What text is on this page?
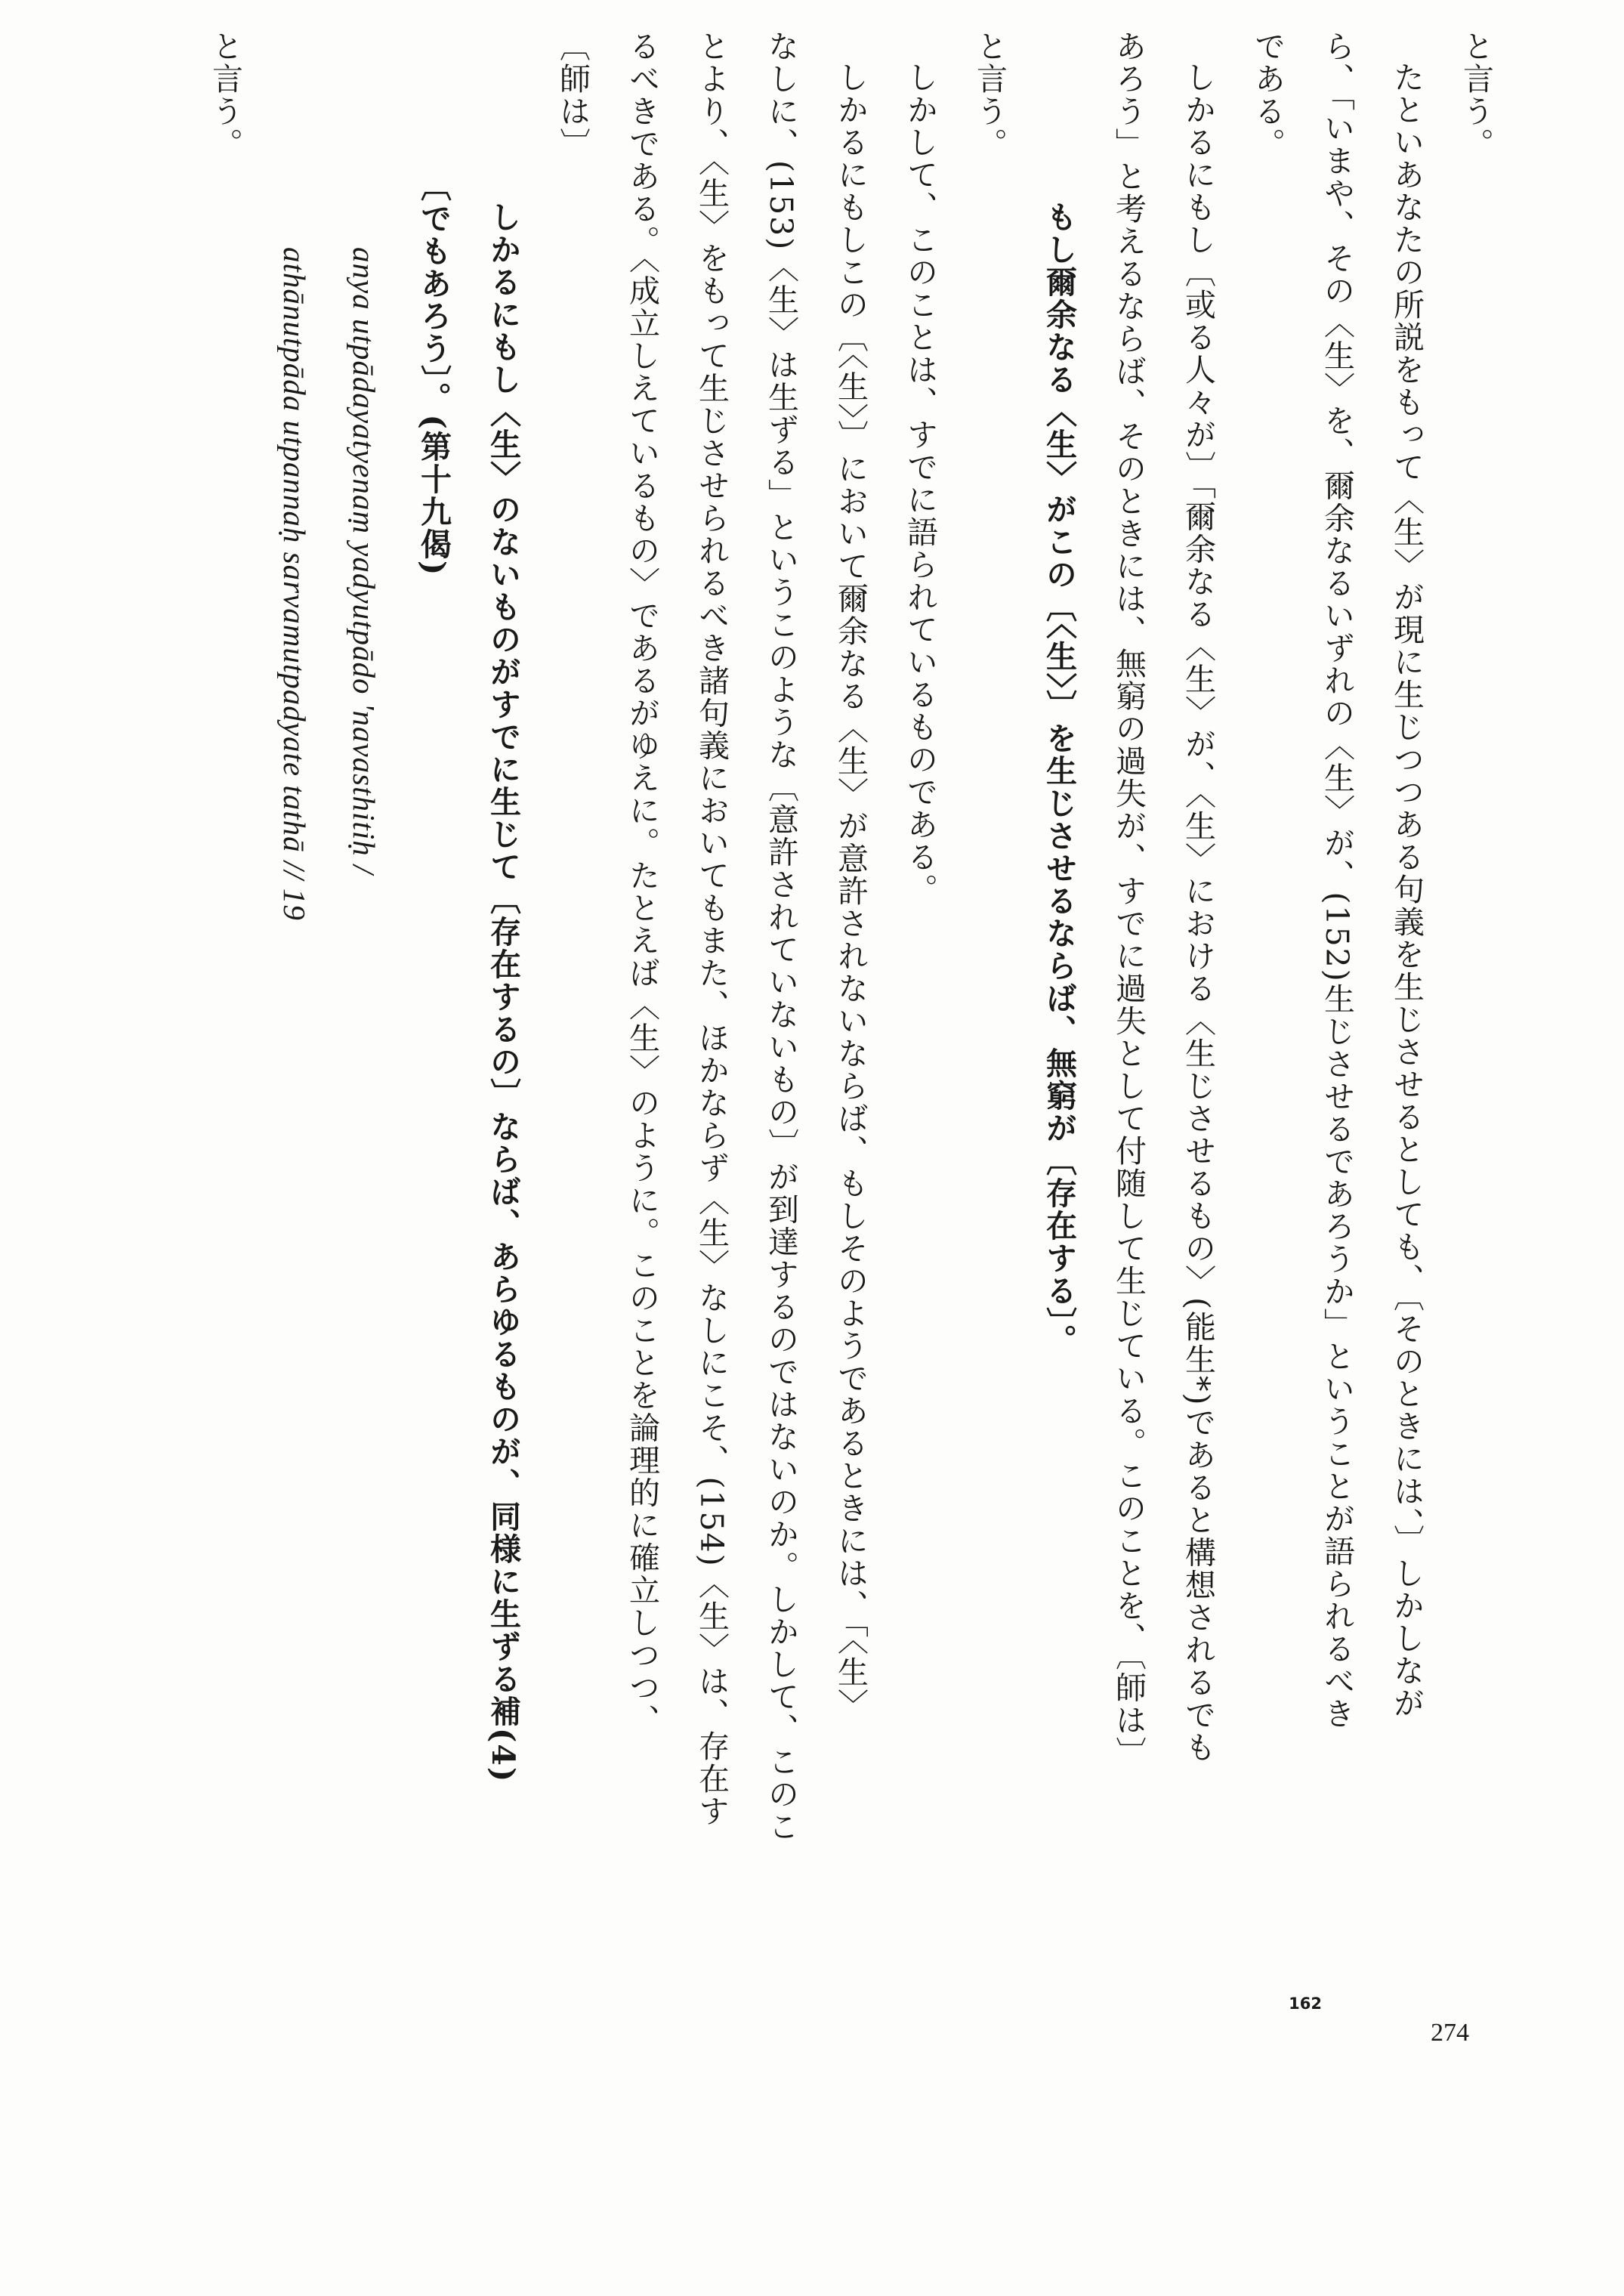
と言う。

たといあなたの所説をもって〈生〉が現に生じつつある句義を生じさせるとしても、〔そのときには、〕しかしなが

ら、「いまや、その〈生〉を、爾余なるいずれの〈生〉が、(152)生じさせるであろうか」ということが語られるべき

である。

しかるにもし〔或る人々が〕「爾余なる〈生〉が、〈生〉における〈生じさせるもの〉(能生*)であると構想されるでも

あろう」と考えるならば、そのときには、無窮の過失が、すでに過失として付随して生じている。このことを、〔師は〕

もし爾余なる〈生〉がこの〔〈生〉〕を生じさせるならば、無窮が〔存在する〕。

と言う。

しかして、このことは、すでに語られているものである。

しかるにもしこの〔〈生〉〕において爾余なる〈生〉が意許されないならば、もしそのようであるときには、「〈生〉

なしに、(153)〈生〉は生ずる」というこのような〔意許されていないもの〕が到達するのではないのか。しかして、このこ

とより、〈生〉をもって生じさせられるべき諸句義においてもまた、ほかならず〈生〉なしにこそ、(154)〈生〉は、存在す

るべきである。〈成立しえているもの〉であるがゆえに。たとえば〈生〉のように。このことを論理的に確立しつつ、

〔師は〕

しかるにもし〈生〉のないものがすでに生じて〔存在するの〕ならば、あらゆるものが、同様に生ずる補(4)

〔でもあろう〕。(第十九偈)

anya utpādayatyenaṃ yadyutpādo 'navasthitiḥ /

athānutpāda utpannaḥ sarvamutpadyate tathā // 19

と言う。

162
274
